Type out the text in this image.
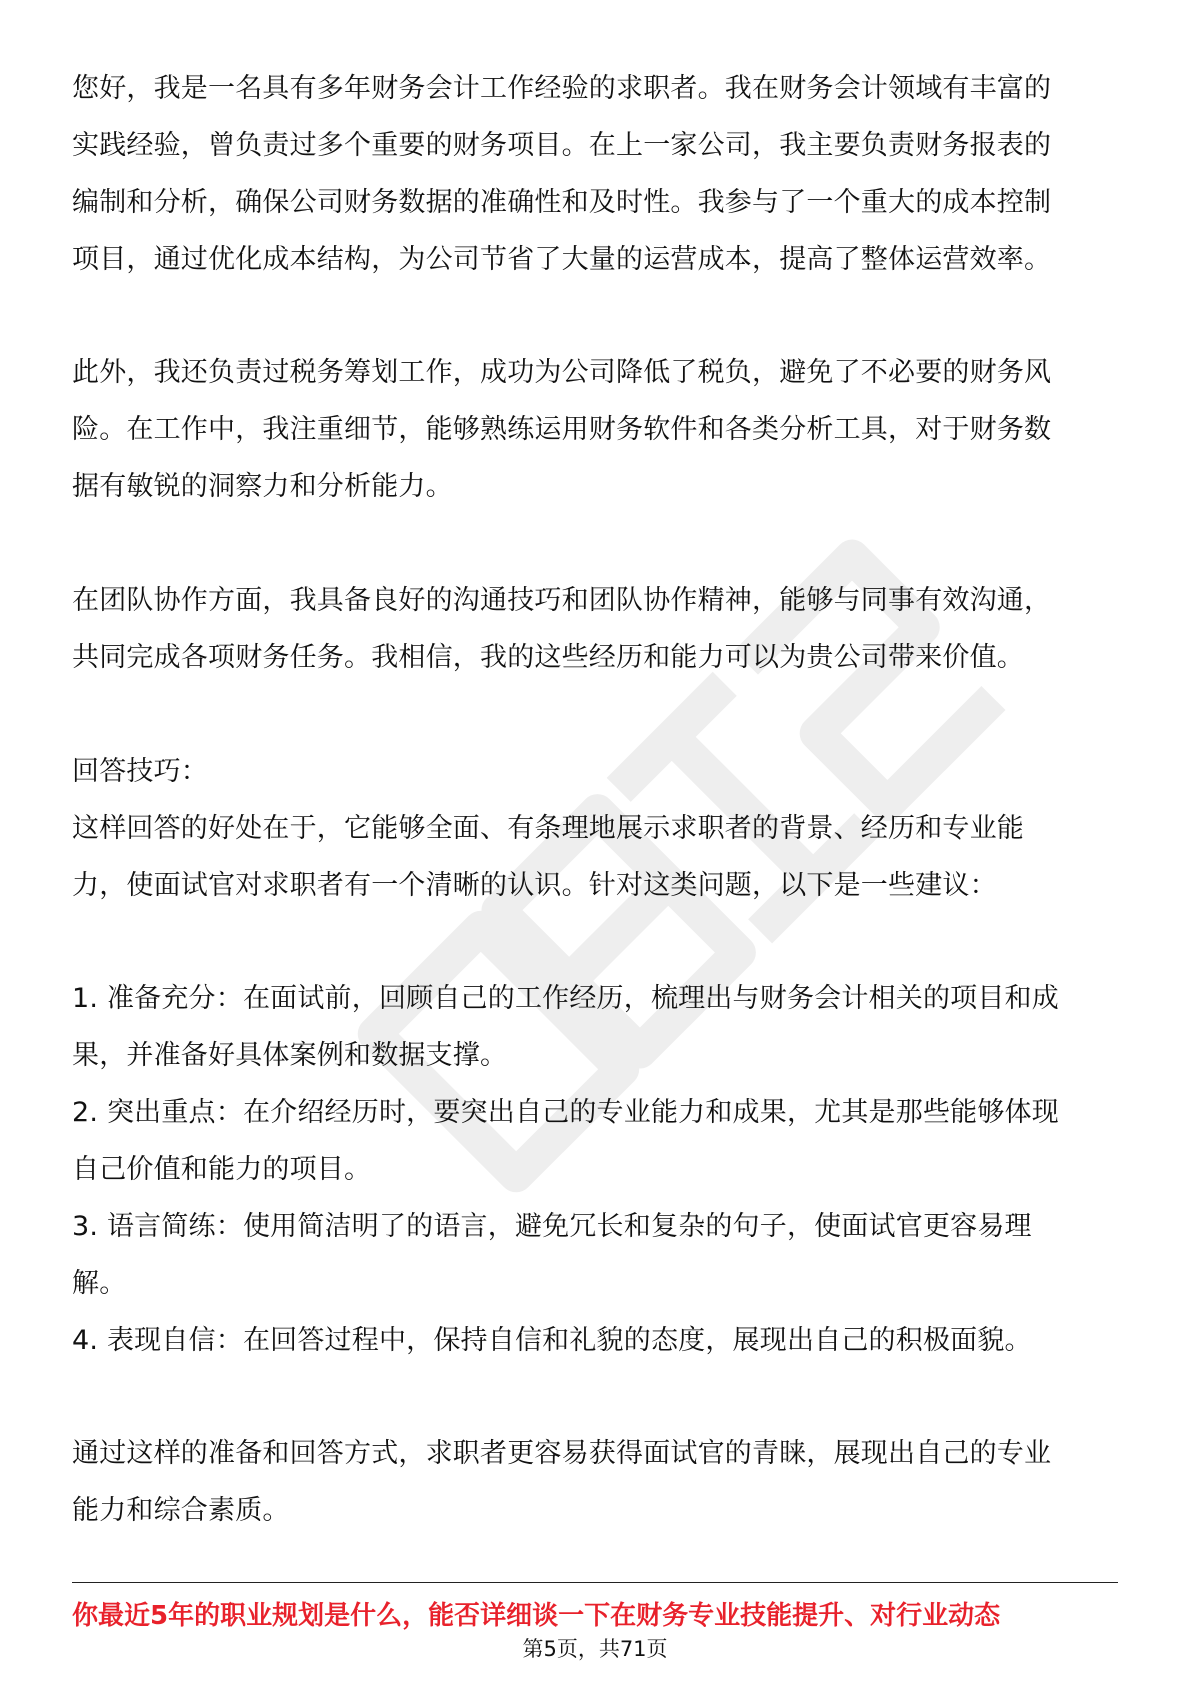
您好，我是一名具有多年财务会计工作经验的求职者。我在财务会计领域有丰富的
实践经验，曾负责过多个重要的财务项目。在上一家公司，我主要负责财务报表的
编制和分析，确保公司财务数据的准确性和及时性。我参与了一个重大的成本控制
项目，通过优化成本结构，为公司节省了大量的运营成本，提高了整体运营效率。
此外，我还负责过税务筹划工作，成功为公司降低了税负，避免了不必要的财务风
险。在工作中，我注重细节，能够熟练运用财务软件和各类分析工具，对于财务数
据有敏锐的洞察力和分析能力。
在团队协作方面，我具备良好的沟通技巧和团队协作精神，能够与同事有效沟通，
共同完成各项财务任务。我相信，我的这些经历和能力可以为贵公司带来价值。
回答技巧：
这样回答的好处在于，它能够全面、有条理地展示求职者的背景、经历和专业能
力，使面试官对求职者有一个清晰的认识。针对这类问题，以下是一些建议：
1. 准备充分：在面试前，回顾自己的工作经历，梳理出与财务会计相关的项目和成
果，并准备好具体案例和数据支撑。
2. 突出重点：在介绍经历时，要突出自己的专业能力和成果，尤其是那些能够体现
自己价值和能力的项目。
3. 语言简练：使用简洁明了的语言，避免冗长和复杂的句子，使面试官更容易理
解。
4. 表现自信：在回答过程中，保持自信和礼貌的态度，展现出自己的积极面貌。
通过这样的准备和回答方式，求职者更容易获得面试官的青睐，展现出自己的专业
能力和综合素质。
你最近5年的职业规划是什么，能否详细谈一下在财务专业技能提升、对行业动态
第5页，共71页
